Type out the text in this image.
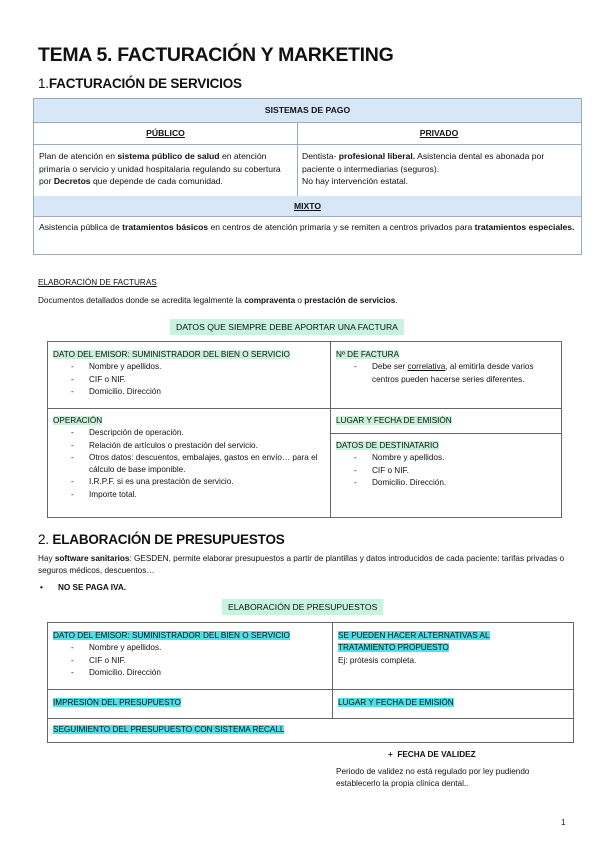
TEMA 5. FACTURACIÓN Y MARKETING
1.FACTURACIÓN DE SERVICIOS
SISTEMAS DE PAGO
PÚBLICO	PRIVADO
Plan de atención en sistema público de salud en atención primaria o servicio y unidad hospitalaria regulando su cobertura por Decretos que depende de cada comunidad.
Dentista- profesional liberal. Asistencia dental es abonada por paciente o intermediarias (seguros).
No hay intervención estatal.
MIXTO
Asistencia pública de tratamientos básicos en centros de atención primaria y se remiten a centros privados para tratamientos especiales.
ELABORACIÓN DE FACTURAS
Documentos detallados donde se acredita legalmente la compraventa o prestación de servicios.
DATOS QUE SIEMPRE DEBE APORTAR UNA FACTURA
DATO DEL EMISOR: SUMINISTRADOR DEL BIEN O SERVICIO
- Nombre y apellidos.
- CIF o NIF.
- Domicilio. Dirección
Nº DE FACTURA
- Debe ser correlativa, al emitirla desde varios centros pueden hacerse series diferentes.
OPERACIÓN
- Descripción de operación.
- Relación de artículos o prestación del servicio.
- Otros datos: descuentos, embalajes, gastos en envío… para el cálculo de base imponible.
- I.R.P.F. si es una prestación de servicio.
- Importe total.
LUGAR Y FECHA DE EMISIÓN
DATOS DE DESTINATARIO
- Nombre y apellidos.
- CIF o NIF.
- Domicilio. Dirección.
2. ELABORACIÓN DE PRESUPUESTOS
Hay software sanitarios: GESDEN, permite elaborar presupuestos a partir de plantillas y datos introducidos de cada paciente: tarifas privadas o seguros médicos, descuentos…
• NO SE PAGA IVA.
ELABORACIÓN DE PRESUPUESTOS
DATO DEL EMISOR: SUMINISTRADOR DEL BIEN O SERVICIO
- Nombre y apellidos.
- CIF o NIF.
- Domicilio. Dirección
SE PUEDEN HACER ALTERNATIVAS AL
TRATAMIENTO PROPUESTO
Ej: prótesis completa.
IMPRESIÓN DEL PRESUPUESTO	LUGAR Y FECHA DE EMISIÓN
SEGUIMIENTO DEL PRESUPUESTO CON SISTEMA RECALL
+  FECHA DE VALIDEZ
Periodo de validez no está regulado por ley pudiendo establecerlo la propia clínica dental..
1
